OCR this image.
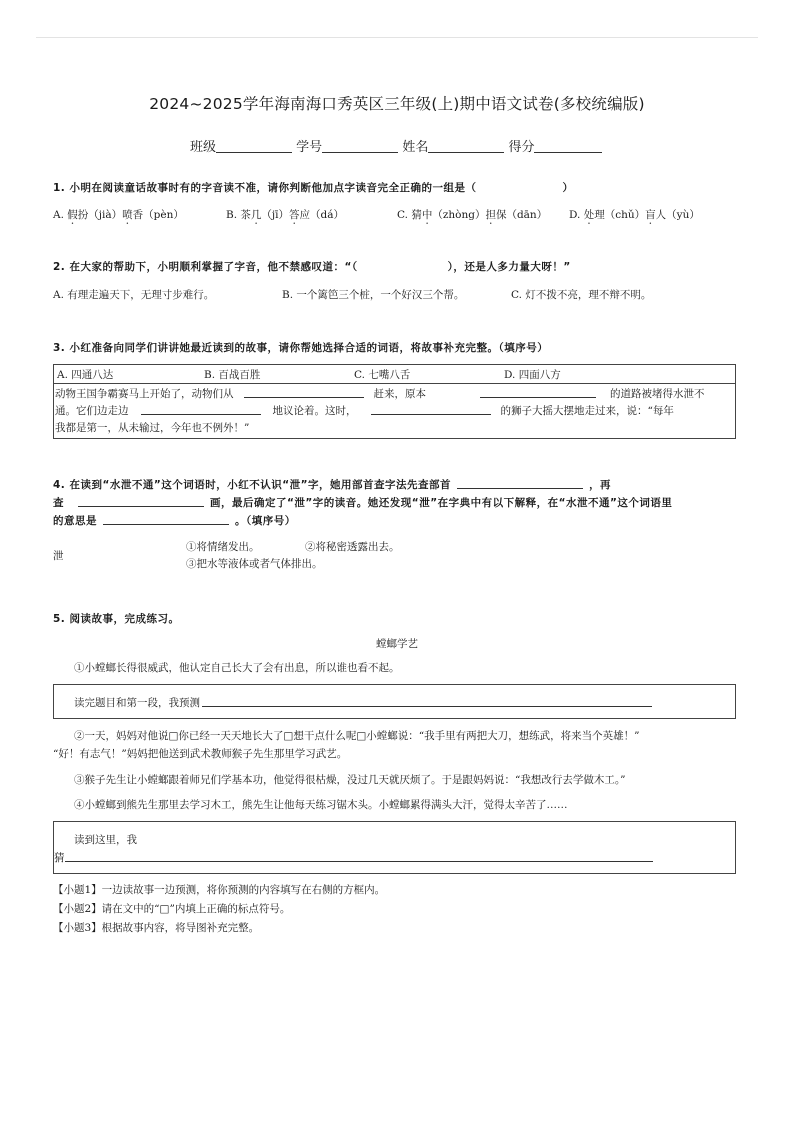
2024~2025学年海南海口秀英区三年级(上)期中语文试卷(多校统编版)
班级	学号	姓名	得分
1. 小明在阅读童话故事时有的字音读不准，请你判断他加点字读音完全正确的一组是（	）
A. 假扮（jià）喷香（pèn）	B. 茶几（jī）答应（dá）	C. 猜中（zhòng）担保（dān） D. 处理（chǔ）盲人（yù）
2. 在大家的帮助下，小明顺利掌握了字音，他不禁感叹道：“（	），还是人多力量大呀！”
A. 有理走遍天下，无理寸步难行。	B. 一个篱笆三个桩，一个好汉三个帮。	C. 灯不拨不亮，理不辩不明。
3. 小红准备向同学们讲讲她最近读到的故事，请你帮她选择合适的词语，将故事补充完整。（填序号）
A. 四通八达	B. 百战百胜	C. 七嘴八舌	D. 四面八方
动物王国争霸赛马上开始了，动物们从	赶来，原本	的道路被堵得水泄不
通。它们边走边	地议论着。这时，	的狮子大摇大摆地走过来，说：“每年
我都是第一，从未输过，今年也不例外！”
4. 在读到“水泄不通”这个词语时，小红不认识“泄”字，她用部首查字法先查部首	，再
查	画，最后确定了“泄”字的读音。她还发现“泄”在字典中有以下解释，在“水泄不通”这个词语里
的意思是	。（填序号）
泄
①将情绪发出。	②将秘密透露出去。
③把水等液体或者气体排出。
5. 阅读故事，完成练习。
螳螂学艺
①小螳螂长得很威武，他认定自己长大了会有出息，所以谁也看不起。
读完题目和第一段，我预测
②一天，妈妈对他说□你已经一天天地长大了□想干点什么呢□小螳螂说：“我手里有两把大刀，想练武，将来当个英雄！”
“好！有志气！”妈妈把他送到武术教师猴子先生那里学习武艺。
③猴子先生让小螳螂跟着师兄们学基本功，他觉得很枯燥，没过几天就厌烦了。于是跟妈妈说：“我想改行去学做木工。”
④小螳螂到熊先生那里去学习木工，熊先生让他每天练习锯木头。小螳螂累得满头大汗，觉得太辛苦了……
读到这里，我
猜
【小题1】一边读故事一边预测，将你预测的内容填写在右侧的方框内。
【小题2】请在文中的“□”内填上正确的标点符号。
【小题3】根据故事内容，将导图补充完整。
